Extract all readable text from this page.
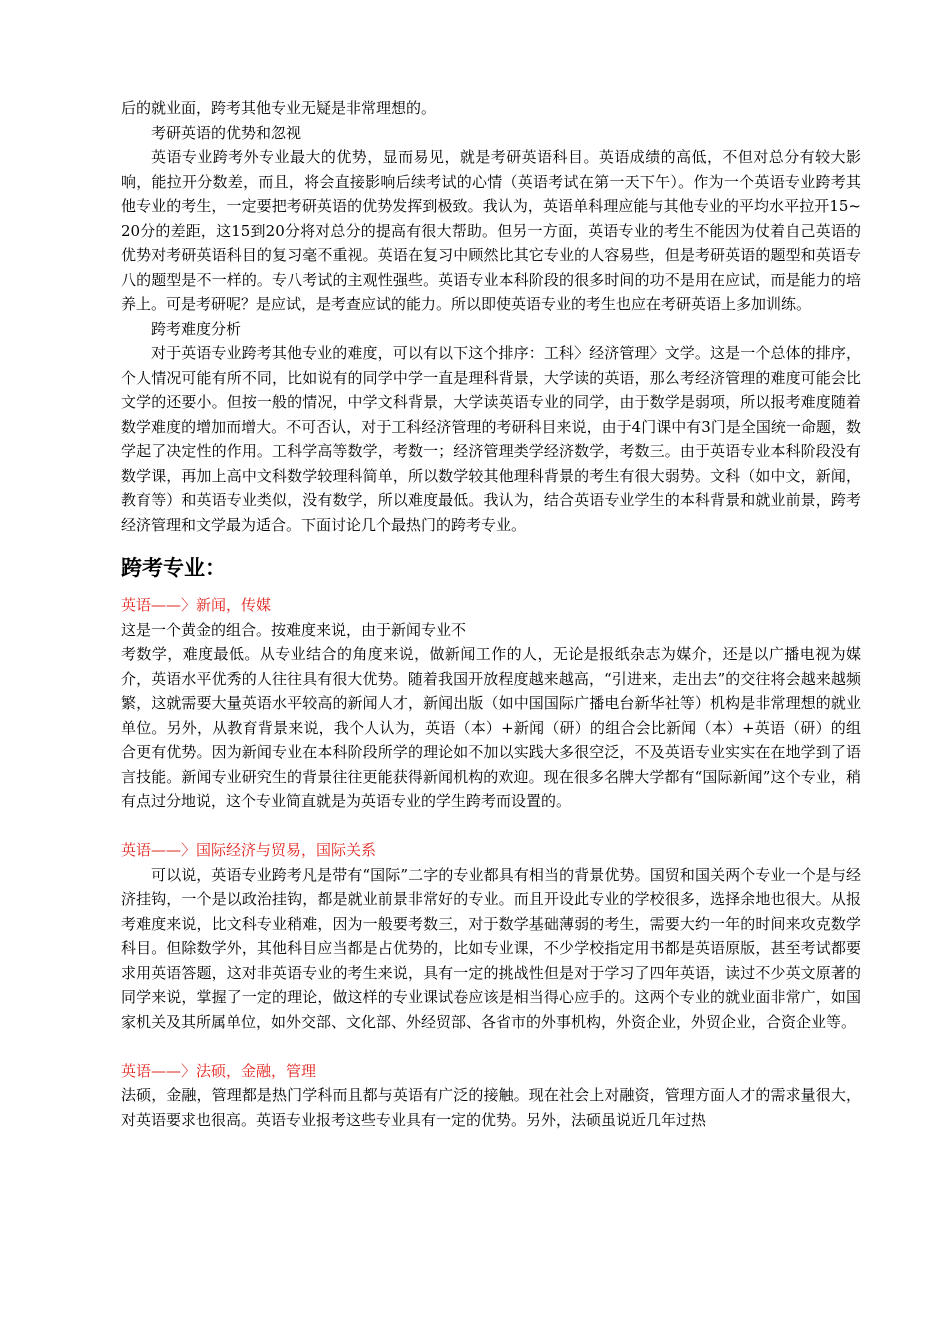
后的就业面，跨考其他专业无疑是非常理想的。

考研英语的优势和忽视

英语专业跨考外专业最大的优势，显而易见，就是考研英语科目。英语成绩的高低，不但对总分有较大影响，能拉开分数差，而且，将会直接影响后续考试的心情（英语考试在第一天下午）。作为一个英语专业跨考其他专业的考生，一定要把考研英语的优势发挥到极致。我认为，英语单科理应能与其他专业的平均水平拉开15~20分的差距，这15到20分将对总分的提高有很大帮助。但另一方面，英语专业的考生不能因为仗着自己英语的优势对考研英语科目的复习毫不重视。英语在复习中顾然比其它专业的人容易些，但是考研英语的题型和英语专八的题型是不一样的。专八考试的主观性强些。英语专业本科阶段的很多时间的功不是用在应试，而是能力的培养上。可是考研呢？是应试，是考查应试的能力。所以即使英语专业的考生也应在考研英语上多加训练。

跨考难度分析

对于英语专业跨考其他专业的难度，可以有以下这个排序：工科〉经济管理〉文学。这是一个总体的排序，个人情况可能有所不同，比如说有的同学中学一直是理科背景，大学读的英语，那么考经济管理的难度可能会比文学的还要小。但按一般的情况，中学文科背景，大学读英语专业的同学，由于数学是弱项，所以报考难度随着数学难度的增加而增大。不可否认，对于工科经济管理的考研科目来说，由于4门课中有3门是全国统一命题，数学起了决定性的作用。工科学高等数学，考数一；经济管理类学经济数学，考数三。由于英语专业本科阶段没有数学课，再加上高中文科数学较理科简单，所以数学较其他理科背景的考生有很大弱势。文科（如中文，新闻，教育等）和英语专业类似，没有数学，所以难度最低。我认为，结合英语专业学生的本科背景和就业前景，跨考经济管理和文学最为适合。下面讨论几个最热门的跨考专业。

跨考专业：

英语——〉新闻，传媒

这是一个黄金的组合。按难度来说，由于新闻专业不

考数学，难度最低。从专业结合的角度来说，做新闻工作的人，无论是报纸杂志为媒介，还是以广播电视为媒介，英语水平优秀的人往往具有很大优势。随着我国开放程度越来越高，“引进来，走出去”的交往将会越来越频繁，这就需要大量英语水平较高的新闻人才，新闻出版（如中国国际广播电台新华社等）机构是非常理想的就业单位。另外，从教育背景来说，我个人认为，英语（本）+新闻（研）的组合会比新闻（本）+英语（研）的组合更有优势。因为新闻专业在本科阶段所学的理论如不加以实践大多很空泛，不及英语专业实实在在地学到了语言技能。新闻专业研究生的背景往往更能获得新闻机构的欢迎。现在很多名牌大学都有“国际新闻”这个专业，稍有点过分地说，这个专业简直就是为英语专业的学生跨考而设置的。

英语——〉国际经济与贸易，国际关系

可以说，英语专业跨考凡是带有“国际”二字的专业都具有相当的背景优势。国贸和国关两个专业一个是与经济挂钩，一个是以政治挂钩，都是就业前景非常好的专业。而且开设此专业的学校很多，选择余地也很大。从报考难度来说，比文科专业稍难，因为一般要考数三，对于数学基础薄弱的考生，需要大约一年的时间来攻克数学科目。但除数学外，其他科目应当都是占优势的，比如专业课，不少学校指定用书都是英语原版，甚至考试都要求用英语答题，这对非英语专业的考生来说，具有一定的挑战性但是对于学习了四年英语，读过不少英文原著的同学来说，掌握了一定的理论，做这样的专业课试卷应该是相当得心应手的。这两个专业的就业面非常广，如国家机关及其所属单位，如外交部、文化部、外经贸部、各省市的外事机构，外资企业，外贸企业，合资企业等。

英语——〉法硕，金融，管理

法硕，金融，管理都是热门学科而且都与英语有广泛的接触。现在社会上对融资，管理方面人才的需求量很大，对英语要求也很高。英语专业报考这些专业具有一定的优势。另外，法硕虽说近几年过热
